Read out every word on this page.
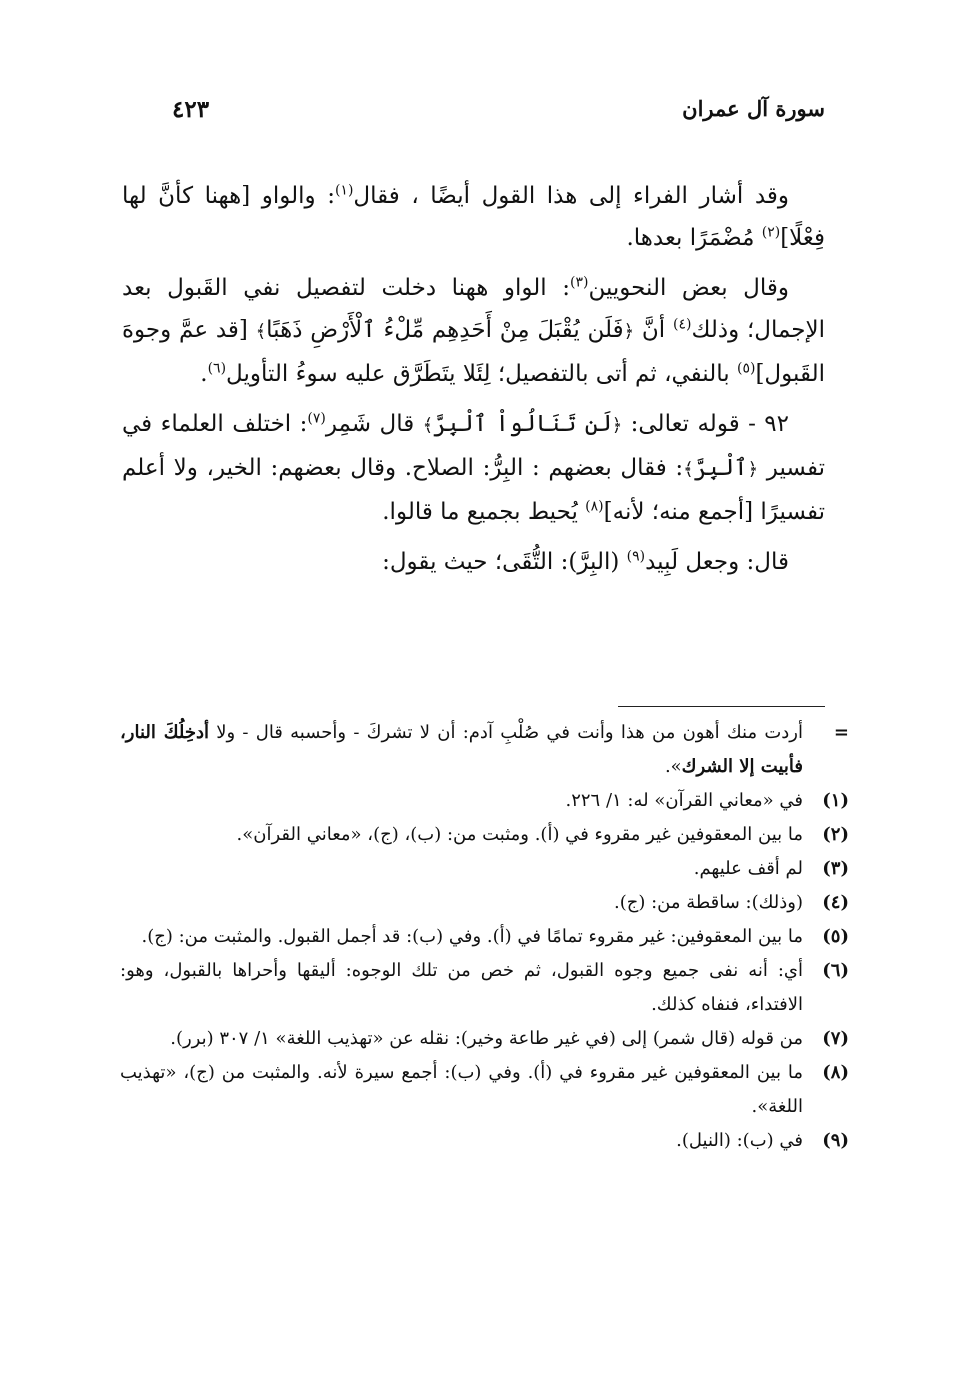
سورة آل عمران
٤٢٣

وقد أشار الفراء إلى هذا القول أيضًا ، فقال$^{(١)}$: والواو [ههنا كأنَّ لها فِعْلًا]$^{(٢)}$ مُضْمَرًا بعدها.

وقال بعض النحويين$^{(٣)}$: الواو ههنا دخلت لتفصيل نفي القَبول بعد الإجمال؛ وذلك$^{(٤)}$ أنَّ ﴿فَلَن يُقْبَلَ مِنْ أَحَدِهِم مِّلْءُ ٱلْأَرْضِ ذَهَبًا﴾ [قد عمَّ وجوهَ القَبول]$^{(٥)}$ بالنفي، ثم أتى بالتفصيل؛ لِئَلا يتَطَرَّق عليه سوءُ التأويل$^{(٦)}$.

٩٢ - قوله تعالى: ﴿لَن تَنَالُواْ ٱلْبِرَّ﴾ قال شَمِر$^{(٧)}$: اختلف العلماء في تفسير ﴿ٱلْبِرَّ﴾: فقال بعضهم : البِرُّ: الصلاح. وقال بعضهم: الخير، ولا أعلم تفسيرًا [أجمع منه؛ لأنه]$^{(٨)}$ يُحيط بجميع ما قالوا.

قال: وجعل لَبِيد$^{(٩)}$ (البِرَّ): التُّقَى؛ حيث يقول:

=
أردت منك أهون من هذا وأنت في صُلْبِ آدم: أن لا تشركَ - وأحسبه قال - ولا أدخِلُكَ النار، فأبيت إلا الشرك».
(١)
في «معاني القرآن» له: ١/ ٢٢٦.
(٢)
ما بين المعقوفين غير مقروء في (أ). ومثبت من: (ب)، (ج)، «معاني القرآن».
(٣)
لم أقف عليهم.
(٤)
(وذلك): ساقطة من: (ج).
(٥)
ما بين المعقوفين: غير مقروء تمامًا في (أ). وفي (ب): قد أجمل القبول. والمثبت من: (ج).
(٦)
أي: أنه نفى جميع وجوه القبول، ثم خص من تلك الوجوه: أليقها وأحراها بالقبول، وهو: الافتداء، فنفاه كذلك.
(٧)
من قوله (قال شمر) إلى (في غير طاعة وخير): نقله عن «تهذيب اللغة» ١/ ٣٠٧ (برر).
(٨)
ما بين المعقوفين غير مقروء في (أ). وفي (ب): أجمع سيرة لأنه. والمثبت من (ج)، «تهذيب اللغة».
(٩)
في (ب): (النيل).
